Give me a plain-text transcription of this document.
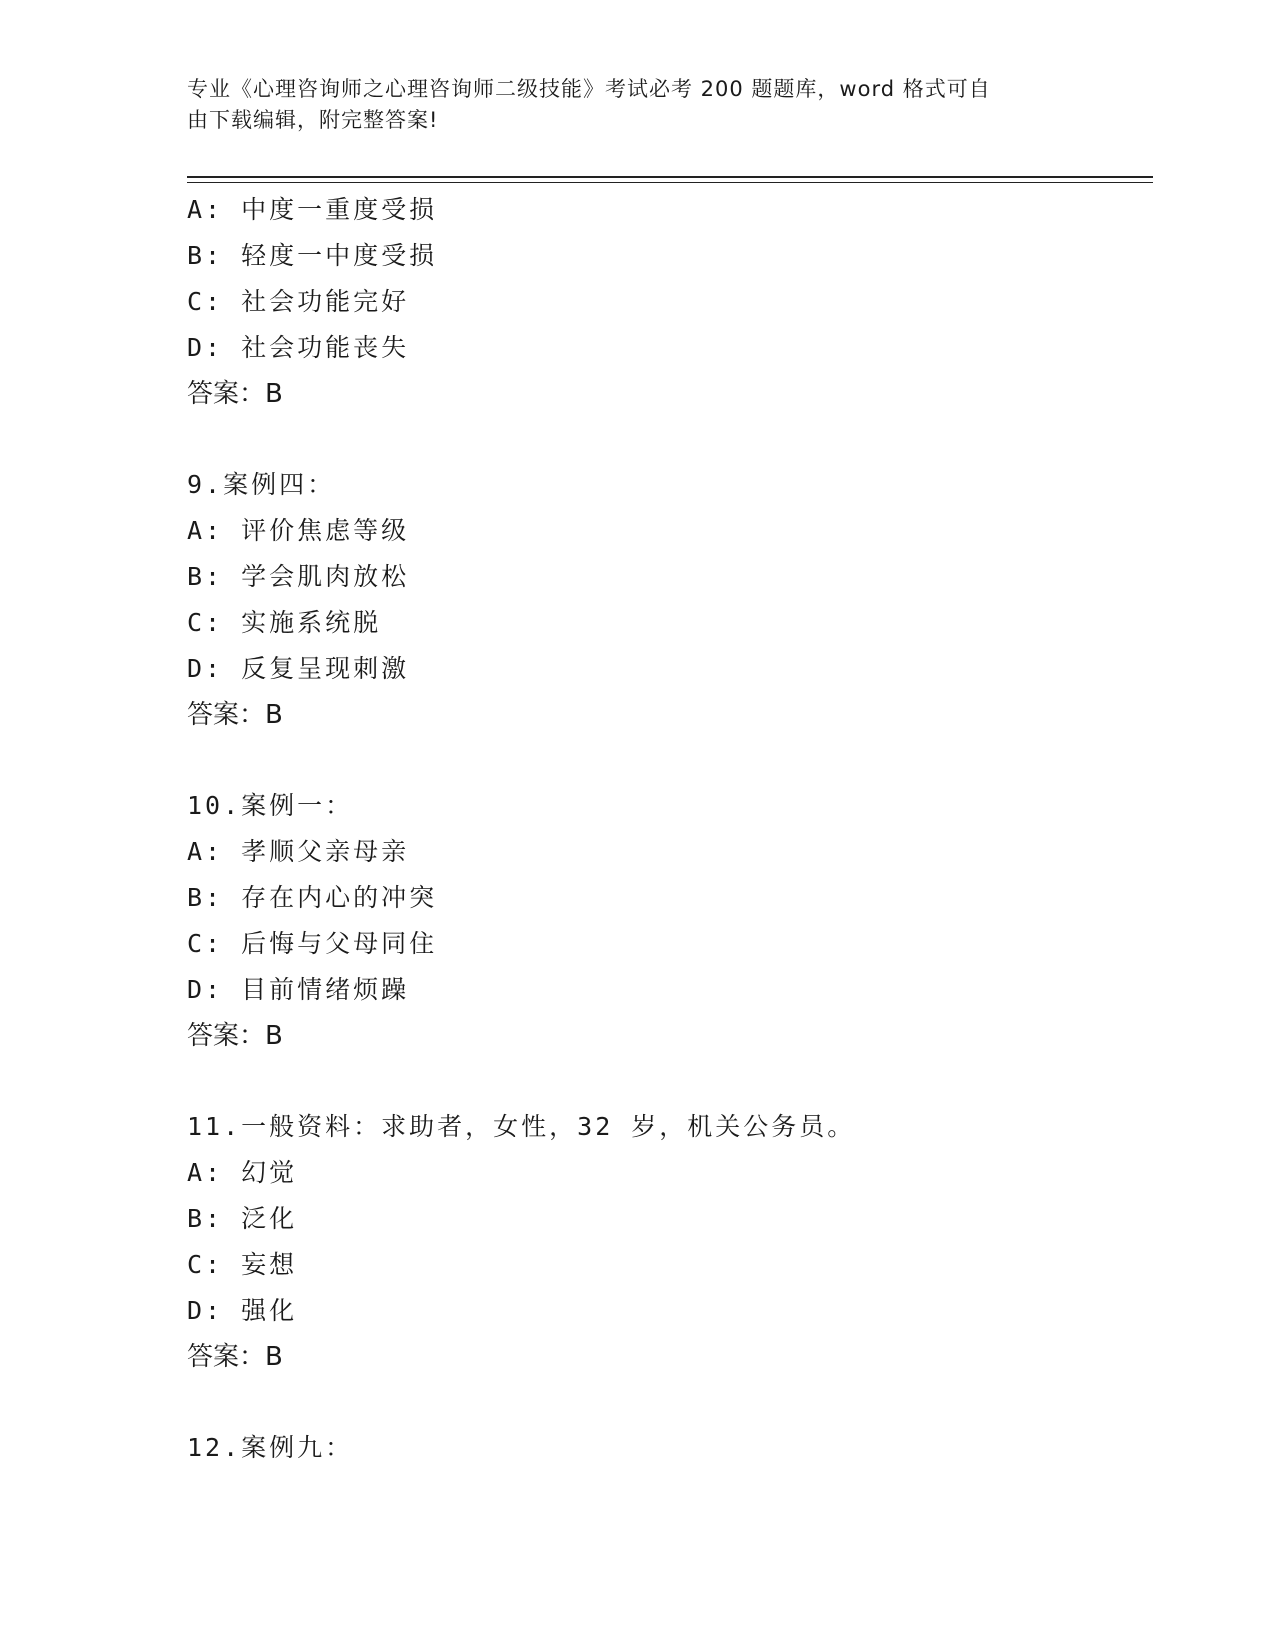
专业《心理咨询师之心理咨询师二级技能》考试必考 200 题题库，word 格式可自
由下载编辑，附完整答案!
A: 中度一重度受损
B: 轻度一中度受损
C: 社会功能完好
D: 社会功能丧失
答案：B
9.案例四：
A: 评价焦虑等级
B: 学会肌肉放松
C: 实施系统脱
D: 反复呈现刺激
答案：B
10.案例一：
A: 孝顺父亲母亲
B: 存在内心的冲突
C: 后悔与父母同住
D: 目前情绪烦躁
答案：B
11.一般资料：求助者，女性，32 岁，机关公务员。
A: 幻觉
B: 泛化
C: 妄想
D: 强化
答案：B
12.案例九：
